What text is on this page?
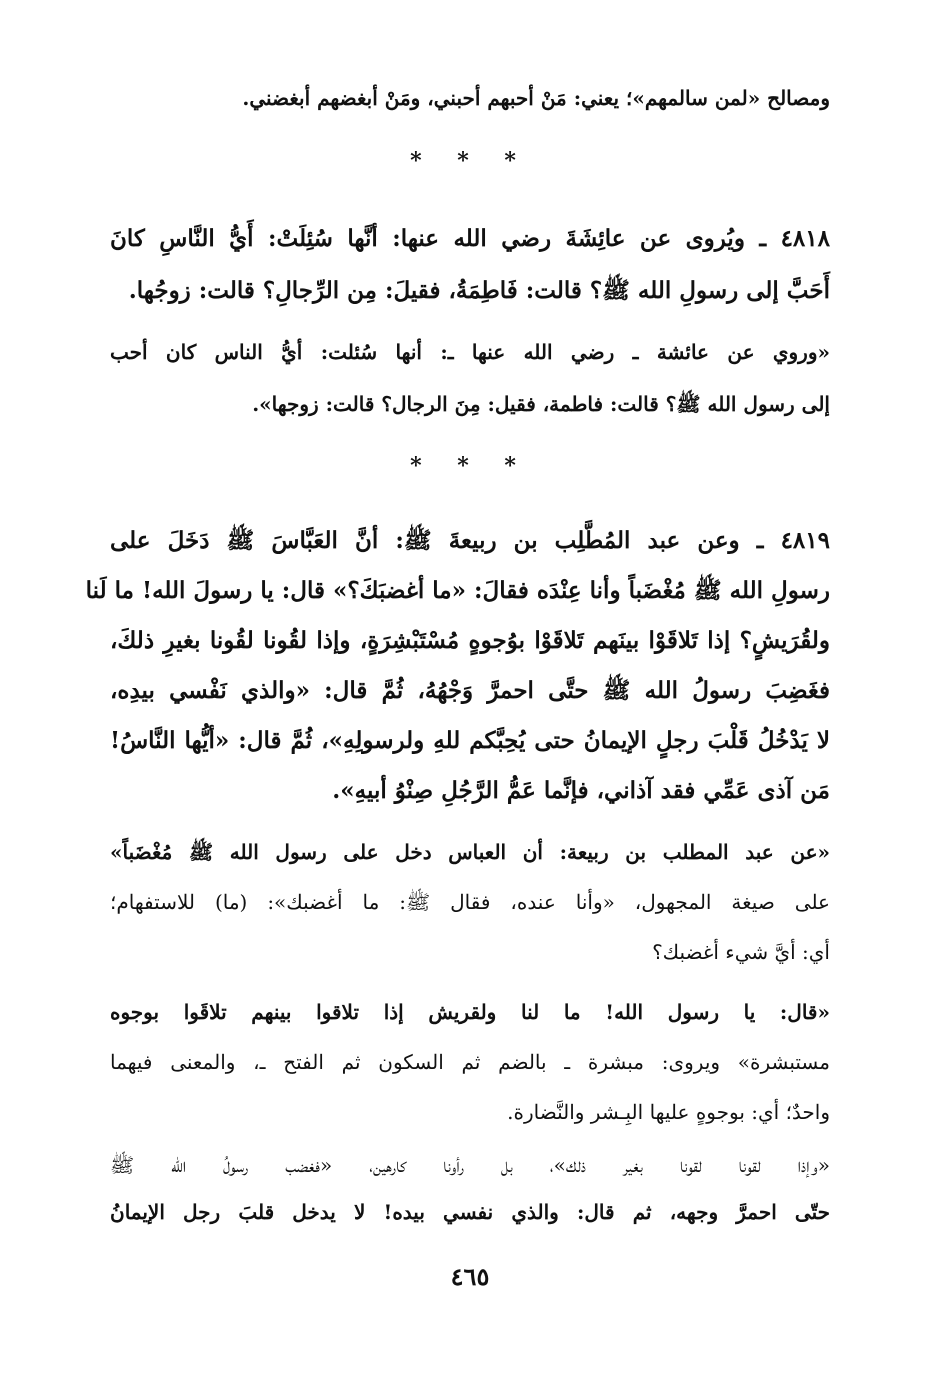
ومصالح «لمن سالمهم»؛ يعني: مَنْ أحبهم أحبني، ومَنْ أبغضهم أبغضني.
* * *
٤٨١٨ ـ ويُروى عن عائِشَةَ رضي الله عنها: أنَّها سُئِلَتْ: أَيُّ النَّاسِ كانَ
أَحَبَّ إلى رسولِ الله ﷺ؟ قالت: فَاطِمَةُ، فقيلَ: مِن الرِّجالِ؟ قالت: زوجُها.
«وروي عن عائشة ـ رضي الله عنها ـ: أنها سُئلت: أيُّ الناس كان أحب
إلى رسول الله ﷺ؟ قالت: فاطمة، فقيل: مِنَ الرجال؟ قالت: زوجها».
* * *
٤٨١٩ ـ وعن عبد المُطَّلِب بن ربيعةَ ﷺ: أنَّ العَبَّاسَ ﷺ دَخَلَ على
رسولِ الله ﷺ مُغْضَباً وأنا عِنْدَه فقالَ: «ما أغضبَكَ؟» قال: يا رسولَ الله! ما لَنا
ولقُرَيشٍ؟ إذا تَلاقَوْا بينَهم تَلاقَوْا بوُجوهٍ مُسْتَبْشِرَةٍ، وإذا لقُونا لقُونا بغيرِ ذلكَ،
فغَضِبَ رسولُ الله ﷺ حتَّى احمرَّ وَجْهُهُ، ثُمَّ قال: «والذي نَفْسي بيدِه،
لا يَدْخُلُ قَلْبَ رجلٍ الإيمانُ حتى يُحِبَّكم للهِ ولرسولِهِ»، ثُمَّ قال: «أيُّها النَّاسُ!
مَن آذى عَمِّي فقد آذاني، فإنَّما عَمُّ الرَّجُلِ صِنْوُ أبيهِ».
«عن عبد المطلب بن ربيعة: أن العباس دخل على رسول الله ﷺ مُغْضَباً»
على صيغة المجهول، «وأنا عنده، فقال ﷺ: ما أغضبك»: (ما) للاستفهام؛
أي: أيَّ شيء أغضبك؟
«قال: يا رسول الله! ما لنا ولقريش إذا تلاقوا بينهم تلاقَوا بوجوه
مستبشرة» ويروى: مبشرة ـ بالضم ثم السكون ثم الفتح ـ، والمعنى فيهما
واحدٌ؛ أي: بوجوهٍ عليها البِـشر والنَّضارة.
«وإذا لقونا لقونا بغير ذلك»، بل رأونا كارهين، «فغضب رسولُ الله ﷺ
حتّى احمرَّ وجهه، ثم قال: والذي نفسي بيده! لا يدخل قلبَ رجل الإيمانُ
٤٦٥
